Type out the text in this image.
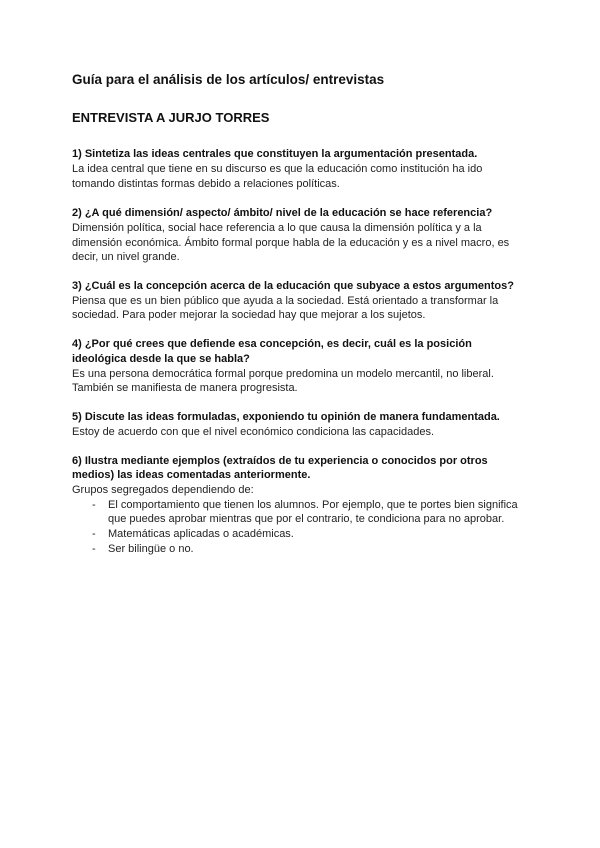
Guía para el análisis de los artículos/ entrevistas
ENTREVISTA A JURJO TORRES
1) Sintetiza las ideas centrales que constituyen la argumentación presentada.
La idea central que tiene en su discurso es que la educación como institución ha ido
tomando distintas formas debido a relaciones políticas.
2) ¿A qué dimensión/ aspecto/ ámbito/ nivel de la educación se hace referencia?
Dimensión política, social hace referencia a lo que causa la dimensión política y a la
dimensión económica. Ámbito formal porque habla de la educación y es a nivel macro, es
decir, un nivel grande.
3) ¿Cuál es la concepción acerca de la educación que subyace a estos argumentos?
Piensa que es un bien público que ayuda a la sociedad. Está orientado a transformar la
sociedad. Para poder mejorar la sociedad hay que mejorar a los sujetos.
4) ¿Por qué crees que defiende esa concepción, es decir, cuál es la posición
ideológica desde la que se habla?
Es una persona democrática formal porque predomina un modelo mercantil, no liberal.
También se manifiesta de manera progresista.
5) Discute las ideas formuladas, exponiendo tu opinión de manera fundamentada.
Estoy de acuerdo con que el nivel económico condiciona las capacidades.
6) Ilustra mediante ejemplos (extraídos de tu experiencia o conocidos por otros
medios) las ideas comentadas anteriormente.
Grupos segregados dependiendo de:
- El comportamiento que tienen los alumnos. Por ejemplo, que te portes bien significa
que puedes aprobar mientras que por el contrario, te condiciona para no aprobar.
- Matemáticas aplicadas o académicas.
- Ser bilingüe o no.
